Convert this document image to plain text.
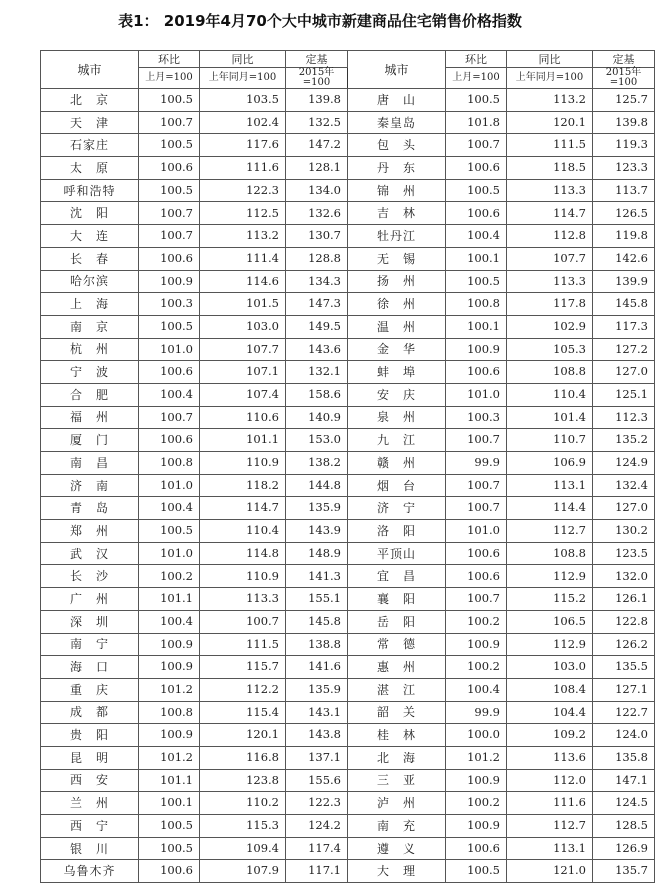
表1： 2019年4月70个大中城市新建商品住宅销售价格指数
城市	环比	同比	定基	城市	环比	同比	定基
	上月=100	上年同月=100	2015年=100		上月=100	上年同月=100	2015年=100
北　京	100.5	103.5	139.8	唐　山	100.5	113.2	125.7
天　津	100.7	102.4	132.5	秦皇岛	101.8	120.1	139.8
石家庄	100.5	117.6	147.2	包　头	100.7	111.5	119.3
太　原	100.6	111.6	128.1	丹　东	100.6	118.5	123.3
呼和浩特	100.5	122.3	134.0	锦　州	100.5	113.3	113.7
沈　阳	100.7	112.5	132.6	吉　林	100.6	114.7	126.5
大　连	100.7	113.2	130.7	牡丹江	100.4	112.8	119.8
长　春	100.6	111.4	128.8	无　锡	100.1	107.7	142.6
哈尔滨	100.9	114.6	134.3	扬　州	100.5	113.3	139.9
上　海	100.3	101.5	147.3	徐　州	100.8	117.8	145.8
南　京	100.5	103.0	149.5	温　州	100.1	102.9	117.3
杭　州	101.0	107.7	143.6	金　华	100.9	105.3	127.2
宁　波	100.6	107.1	132.1	蚌　埠	100.6	108.8	127.0
合　肥	100.4	107.4	158.6	安　庆	101.0	110.4	125.1
福　州	100.7	110.6	140.9	泉　州	100.3	101.4	112.3
厦　门	100.6	101.1	153.0	九　江	100.7	110.7	135.2
南　昌	100.8	110.9	138.2	赣　州	99.9	106.9	124.9
济　南	101.0	118.2	144.8	烟　台	100.7	113.1	132.4
青　岛	100.4	114.7	135.9	济　宁	100.7	114.4	127.0
郑　州	100.5	110.4	143.9	洛　阳	101.0	112.7	130.2
武　汉	101.0	114.8	148.9	平顶山	100.6	108.8	123.5
长　沙	100.2	110.9	141.3	宜　昌	100.6	112.9	132.0
广　州	101.1	113.3	155.1	襄　阳	100.7	115.2	126.1
深　圳	100.4	100.7	145.8	岳　阳	100.2	106.5	122.8
南　宁	100.9	111.5	138.8	常　德	100.9	112.9	126.2
海　口	100.9	115.7	141.6	惠　州	100.2	103.0	135.5
重　庆	101.2	112.2	135.9	湛　江	100.4	108.4	127.1
成　都	100.8	115.4	143.1	韶　关	99.9	104.4	122.7
贵　阳	100.9	120.1	143.8	桂　林	100.0	109.2	124.0
昆　明	101.2	116.8	137.1	北　海	101.2	113.6	135.8
西　安	101.1	123.8	155.6	三　亚	100.9	112.0	147.1
兰　州	100.1	110.2	122.3	泸　州	100.2	111.6	124.5
西　宁	100.5	115.3	124.2	南　充	100.9	112.7	128.5
银　川	100.5	109.4	117.4	遵　义	100.6	113.1	126.9
乌鲁木齐	100.6	107.9	117.1	大　理	100.5	121.0	135.7
